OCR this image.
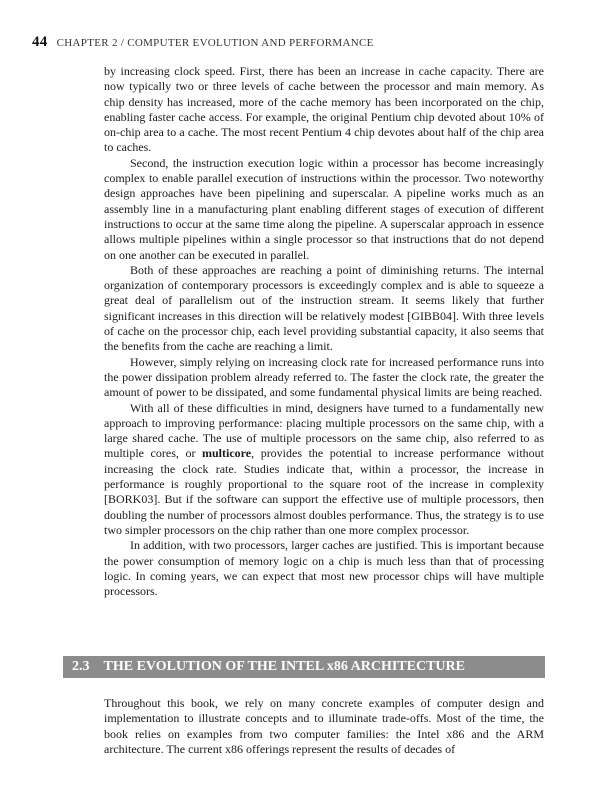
44 CHAPTER 2 / COMPUTER EVOLUTION AND PERFORMANCE

by increasing clock speed. First, there has been an increase in cache capacity. There are now typically two or three levels of cache between the processor and main memory. As chip density has increased, more of the cache memory has been incorporated on the chip, enabling faster cache access. For example, the original Pentium chip devoted about 10% of on-chip area to a cache. The most recent Pentium 4 chip devotes about half of the chip area to caches.

Second, the instruction execution logic within a processor has become increasingly complex to enable parallel execution of instructions within the processor. Two noteworthy design approaches have been pipelining and superscalar. A pipeline works much as an assembly line in a manufacturing plant enabling different stages of execution of different instructions to occur at the same time along the pipeline. A superscalar approach in essence allows multiple pipelines within a single processor so that instructions that do not depend on one another can be executed in parallel.

Both of these approaches are reaching a point of diminishing returns. The internal organization of contemporary processors is exceedingly complex and is able to squeeze a great deal of parallelism out of the instruction stream. It seems likely that further significant increases in this direction will be relatively modest [GIBB04]. With three levels of cache on the processor chip, each level providing substantial capacity, it also seems that the benefits from the cache are reaching a limit.

However, simply relying on increasing clock rate for increased performance runs into the power dissipation problem already referred to. The faster the clock rate, the greater the amount of power to be dissipated, and some fundamental physical limits are being reached.

With all of these difficulties in mind, designers have turned to a fundamentally new approach to improving performance: placing multiple processors on the same chip, with a large shared cache. The use of multiple processors on the same chip, also referred to as multiple cores, or multicore, provides the potential to increase performance without increasing the clock rate. Studies indicate that, within a processor, the increase in performance is roughly proportional to the square root of the increase in complexity [BORK03]. But if the software can support the effective use of multiple processors, then doubling the number of processors almost doubles performance. Thus, the strategy is to use two simpler processors on the chip rather than one more complex processor.

In addition, with two processors, larger caches are justified. This is important because the power consumption of memory logic on a chip is much less than that of processing logic. In coming years, we can expect that most new processor chips will have multiple processors.

2.3 THE EVOLUTION OF THE INTEL x86 ARCHITECTURE

Throughout this book, we rely on many concrete examples of computer design and implementation to illustrate concepts and to illuminate trade-offs. Most of the time, the book relies on examples from two computer families: the Intel x86 and the ARM architecture. The current x86 offerings represent the results of decades of
